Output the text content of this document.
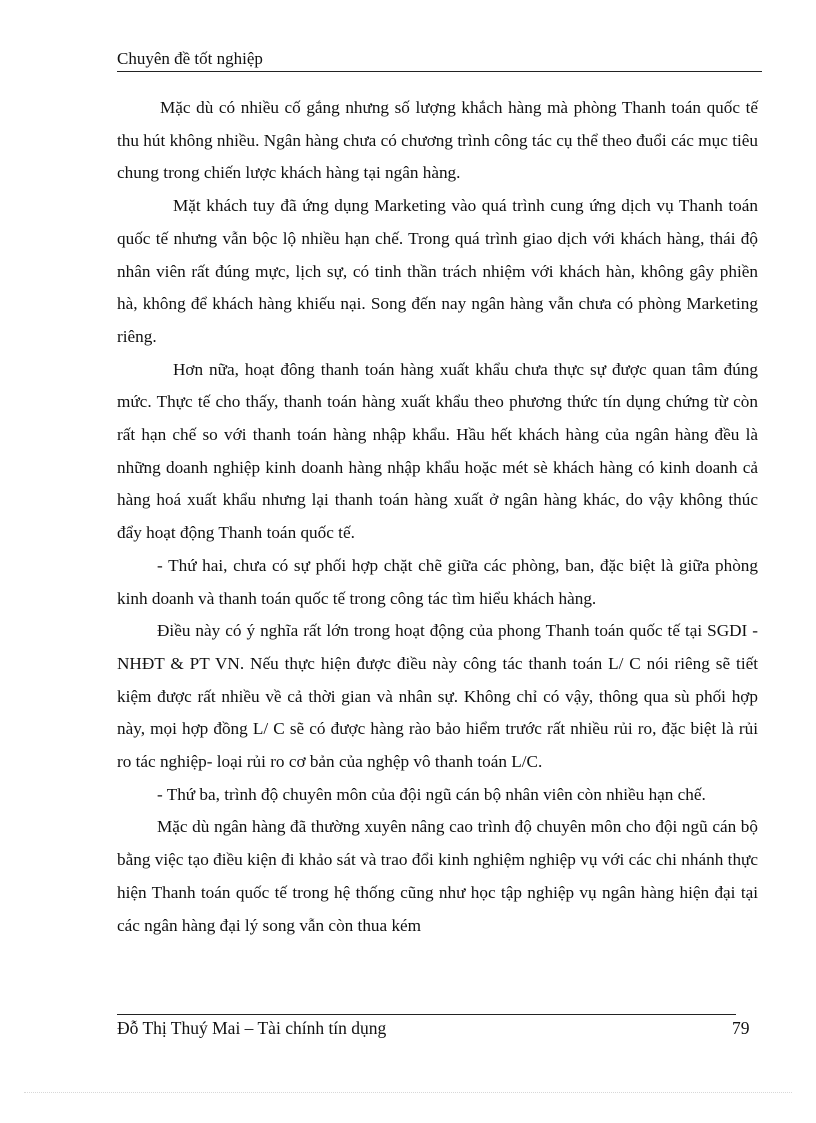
Chuyên đề tốt nghiệp

Mặc dù có nhiều cố gắng nhưng số lượng khắch hàng mà phòng Thanh toán quốc tế thu hút không nhiều. Ngân hàng chưa có chương trình công tác cụ thể theo đuổi các mục tiêu chung trong chiến lược khách hàng tại ngân hàng.

Mặt khách tuy đã ứng dụng Marketing vào quá trình cung ứng dịch vụ Thanh toán quốc tế nhưng vẫn bộc lộ nhiều hạn chế. Trong quá trình giao dịch với khách hàng, thái độ nhân viên rất đúng mực, lịch sự, có tinh thần trách nhiệm với khách hàn, không gây phiền hà, không để khách hàng khiếu nại. Song đến nay ngân hàng vẫn chưa có phòng Marketing riêng.

Hơn nữa, hoạt đông thanh toán hàng xuất khẩu chưa thực sự được quan tâm đúng mức. Thực tế cho thấy, thanh toán hàng xuất khẩu theo phương thức tín dụng chứng từ còn rất hạn chế so với thanh toán hàng nhập khẩu. Hầu hết khách hàng của ngân hàng đều là những doanh nghiệp kinh doanh hàng nhập khẩu hoặc mét sè khách hàng có kinh doanh cả hàng hoá xuất khẩu nhưng lại thanh toán hàng xuất ở ngân hàng khác, do vậy không thúc đẩy hoạt động Thanh toán quốc tế.

- Thứ hai, chưa có sự phối hợp chặt chẽ giữa các phòng, ban, đặc biệt là giữa phòng kinh doanh và thanh toán quốc tế trong công tác tìm hiểu khách hàng.

Điều này có ý nghĩa rất lớn trong hoạt động của phong Thanh toán quốc tế tại SGDI - NHĐT & PT VN. Nếu thực hiện được điều này công tác thanh toán L/ C nói riêng sẽ tiết kiệm được rất nhiều về cả thời gian và nhân sự. Không chỉ có vậy, thông qua sù phối hợp này, mọi hợp đồng L/ C sẽ có được hàng rào bảo hiểm trước rất nhiều rủi ro, đặc biệt là rủi ro tác nghiệp- loại rủi ro cơ bản của nghệp vô thanh toán L/C.

- Thứ ba, trình độ chuyên môn của đội ngũ cán bộ nhân viên còn nhiều hạn chế.

Mặc dù ngân hàng đã thường xuyên nâng cao trình độ chuyên môn cho đội ngũ cán bộ bằng việc tạo điều kiện đi khảo sát và trao đổi kinh nghiệm nghiệp vụ với các chi nhánh thực hiện Thanh toán quốc tế trong hệ thống cũng như học tập nghiệp vụ ngân hàng hiện đại tại các ngân hàng đại lý song vẫn còn thua kém

Đỗ Thị Thuý Mai – Tài chính tín dụng	79
